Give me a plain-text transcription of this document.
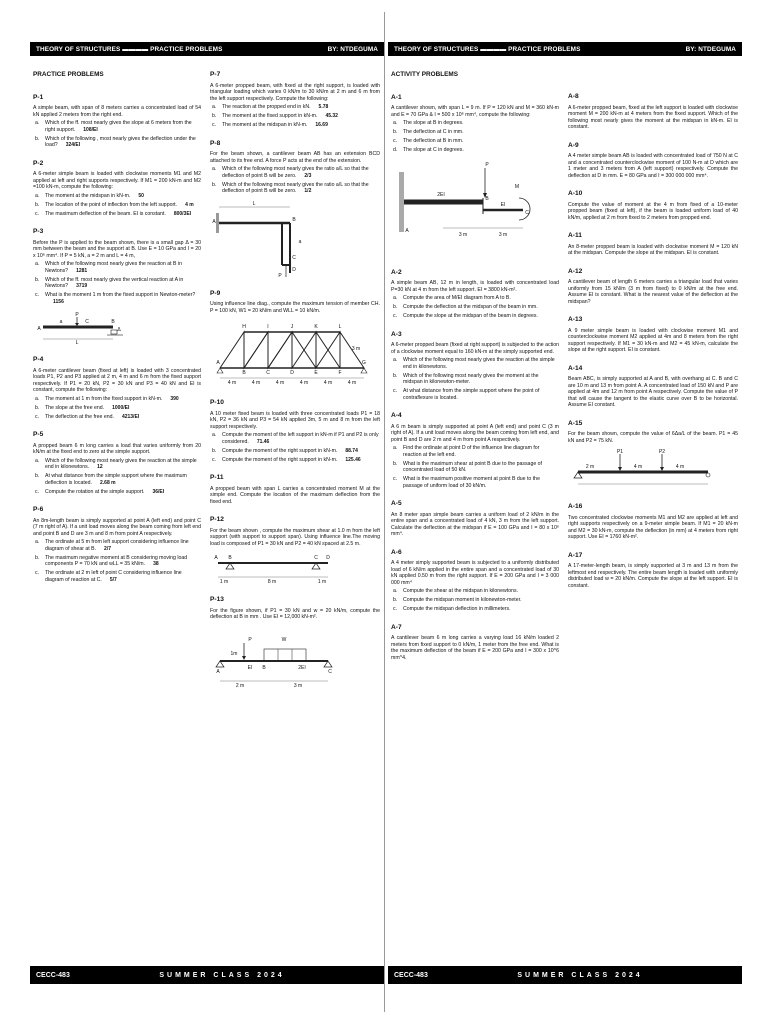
THEORY OF STRUCTURES ▬▬▬▬ PRACTICE PROBLEMS	BY: NTDEGUMA
PRACTICE PROBLEMS
P-1
A simple beam, with span of 8 meters carries a concentrated load of 54 kN applied 2 meters from the right end.
a.	Which of the ff. most nearly gives the slope at 6 meters from the right support. 108/EI
b.	Which of the following , most nearly gives the deflection under the load? 324/EI
P-2
A 6-meter simple beam is loaded with clockwise moments M1 and M2 applied at left and right supports respectively. If M1 = 200 kN-m and M2 =100 kN-m, compute the following:
a.	The moment at the midspan in kN-m. 50
b.	The location of the point of inflection from the left support. 4 m
c.	The maximum deflection of the beam. EI is constant. 800/3EI
P-3
Before the P is applied to the beam shown, there is a small gap Δ = 30 mm between the beam and the support at B. Use E = 10 GPa and I = 20 x 10⁶ mm⁴. If P = 5 kN, a = 2 m and L = 4 m,
a.	Which of the following most nearly gives the reaction at B in Newtons? 1281
b.	Which of the ff. most nearly gives the vertical reaction at A in Newtons? 3719
c.	What is the moment 1 m from the fixed support in Newton-meter?1156
a
P
C	B
A	Δ
L
P-4
A 6-meter cantilever beam (fixed at left) is loaded with 3 concentrated loads P1, P2 and P3 applied at 2 m, 4 m and 6 m from the fixed support respectively. If P1 = 20 kN, P2 = 30 kN and P3 = 40 kN and EI is constant, compute the following:
a.	The moment at 1 m from the fixed support in kN-m. 390
b.	The slope at the free end. 1000/EI
c.	The deflection at the free end. 4213/EI
P-5
A propped beam 6 m long carries a load that varies uniformly from 20 kN/m at the fixed end to zero at the simple support.
a.	Which of the following most nearly gives the reaction at the simple end in kilonewtons. 12
b.	At what distance from the simple support where the maximum deflection is located. 2.68 m
c.	Compute the rotation at the simple support. 36/EI
P-6
An 8m-length beam is simply supported at point A (left end) and point C (7 m right of A). If a unit load moves along the beam coming from left end and point B and D are 3 m and 8 m from point A respectively.
a.	The ordinate at 5 m from left support considering influence line diagram of shear at B. 2/7
b.	The maximum negative moment at B considering moving load components P = 70 kN and wLL = 35 kN/m. 38
c.	The ordinate at 2 m left of point C considering influence line diagram of reaction at C. 5/7
P-7
A 6-meter propped beam, with fixed at the right support, is loaded with triangular loading which varies 0 kN/m to 30 kN/m at 2 m and 6 m from the left support respectively. Compute the following:
a.	The reaction at the propped end in kN. 5.78
b.	The moment at the fixed support in kN-m. 45.32
c.	The moment at the midspan in kN-m. 16.69
P-8
For the beam shown, a cantilever beam AB has an extension BCD attached to its free end. A force P acts at the end of the extension.
a.	Which of the following most nearly gives the ratio a/L so that the deflection of point B will be zero. 2/3
b.	Which of the following most nearly gives the ratio a/L so that the deflection of point B will be zero. 1/2
L
A	B
a
C
D
P
P-9
Using influence line diag., compute the maximum tension of member CH. P = 100 kN, W1 = 20 kN/m and WLL = 10 kN/m.
H	I	J	K	L
A
B	C	D	E	F
G
3 m
4 m	4 m	4 m	4 m	4 m	4 m
P-10
A 10 meter fixed beam is loaded with three concentrated loads P1 = 18 kN, P2 = 36 kN and P3 = 54 kN applied 3m, 5 m and 8 m from the left support respectively.
a.	Compute the moment of the left support in kN-m if P1 and P2 is only considered. 71.46
b.	Compute the moment of the right support in kN-m. 88.74
c.	Compute the moment of the right support in kN-m. 125.46
P-11
A propped beam with span L carries a concentrated moment M at the simple end. Compute the location of the maximum deflection from the fixed end.
P-12
For the beam shown , compute the maximum shear at 1.0 m from the left support (with support to support span). Using influence line.The moving load is composed of P1 = 30 kN and P2 = 40 kN spaced at 2.5 m.
A B	C D
1 m	8 m	1 m
P-13
For the figure shown, if P1 = 30 kN and w = 20 kN/m, compute the deflection at B in mm . Use EI = 12,000 kN-m².
P	W
1m
A
B
C
EI	2EI
2 m	3 m
CECC-483	SUMMER CLASS 2024
THEORY OF STRUCTURES ▬▬▬▬ PRACTICE PROBLEMS	BY: NTDEGUMA
ACTIVITY PROBLEMS
A-1
A cantilever shown, with span L = 9 m. If P = 120 kN and M = 360 kN-m and E = 70 GPa & I = 500 x 10⁶ mm⁴, compute the following:
a.	The slope at B in degrees.
b.	The deflection at C in mm.
c.	The deflection at B in mm.
d.	The slope at C in degrees.
P
M
2EI
B
EI
C
A
3 m	3 m
A-2
A simple beam AB, 12 m in length, is loaded with concentrated load P=30 kN at 4 m from the left support. EI = 3800 kN-m².
a.	Compute the area of M/EI diagram from A to B.
b.	Compute the deflection at the midspan of the beam in mm.
c.	Compute the slope at the midspan of the beam in degrees.
A-3
A 6-meter propped beam (fixed at right support) is subjected to the action of a clockwise moment equal to 160 kN-m at the simply supported end.
a.	Which of the following most nearly gives the reaction at the simple end in kilonewtons.
b.	Which of the following most nearly gives the moment at the midspan in kilonewton-meter.
c.	At what distance from the simple support where the point of contraflexure is located.
A-4
A 6 m beam is simply supported at point A (left end) and point C (3 m right of A). If a unit load moves along the beam coming from left end, and point B and D are 2 m and 4 m from point A respectively.
a.	Find the ordinate at point D of the influence line diagram for reaction at the left end.
b.	What is the maximum shear at point B due to the passage of concentrated load of 50 kN.
c.	What is the maximum positive moment at point B due to the passage of uniform load of 30 kN/m.
A-5
An 8 meter span simple beam carries a uniform load of 2 kN/m in the entire span and a concentrated load of 4 kN, 3 m from the left support. Calculate the deflection at the midspan if E = 100 GPa and I = 80 x 10⁶ mm⁴.
A-6
A 4 meter simply supported beam is subjected to a uniformly distributed load of 6 kN/m applied in the entire span and a concentrated load of 30 kN applied 0.50 m from the right support. If E = 200 GPa and I = 3 000 000 mm⁴
a.	Compute the shear at the midspan in kilonewtons.
b.	Compute the midspan moment in kilonewton-meter.
c.	Compute the midspan deflection in millimeters.
A-7
A cantilever beam 6 m long carries a varying load 16 kN/m loaded 2 meters from fixed support to 0 kN/m, 1 meter from the free end. What is the maximum deflection of the beam if E = 200 GPa and I = 300 x 10^6 mm^4.
A-8
A 6-meter propped beam, fixed at the left support is loaded with clockwise moment M = 200 kN-m at 4 meters from the fixed support. Which of the following most nearly gives the moment at the midspan in kN-m. EI is constant.
A-9
A 4 meter simple beam AB is loaded with concentrated load of 750 N at C and a concentrated counterclockwise moment of 100 N-m at D which are 1 meter and 3 meters from A (left support) respectively. Compute the deflection at D in mm. E = 80 GPa and I = 300 000 000 mm⁴.
A-10
Compute the value of moment at the 4 m from fixed of a 10-meter propped beam (fixed at left), if the beam is loaded uniform load of 40 kN/m, applied at 2 m from fixed to 2 meters from propped end.
A-11
An 8-meter propped beam is loaded with clockwise moment M = 120 kN at the midspan. Compute the slope at the midspan. EI is constant.
A-12
A cantilever beam of length 6 meters carries a triangular load that varies uniformly from 15 kN/m (3 m from fixed) to 0 kN/m at the free end. Assume EI is constant. What is the nearest value of the deflection at the midspan?
A-13
A 9 meter simple beam is loaded with clockwise moment M1 and counterclockwise moment M2 applied at 4m and 8 meters from the right support respectively. If M1 = 30 kN-m and M2 = 45 kN-m, calculate the slope at the right support. EI is constant.
A-14
Beam ABC, is simply supported at A and B, with overhang at C. B and C are 10 m and 13 m from point A. A concentrated load of 150 kN and P are applied at 4m and 12 m from point A respectively. Compute the value of P that will cause the tangent to the elastic curve over B to be horizontal. Assume EI constant.
A-15
For the beam shown, compute the value of 6Δa/L of the beam. P1 = 45 kN and P2 = 75 kN.
P1	P2
2 m	4 m	4 m
A-16
Two concentrated clockwise moments M1 and M2 are applied at left and right supports respectively on a 9-meter simple beam. If M1 = 20 kN-m and M2 = 30 kN-m, compute the deflection (in mm) at 4 meters from right support. Use EI = 1760 kN-m².
A-17
A 17-meter-length beam, is simply supported at 3 m and 13 m from the leftmost end respectively. The entire beam length is loaded with uniformly distributed load w = 20 kN/m. Compute the slope at the left support. EI is constant.
CECC-483	SUMMER CLASS 2024
